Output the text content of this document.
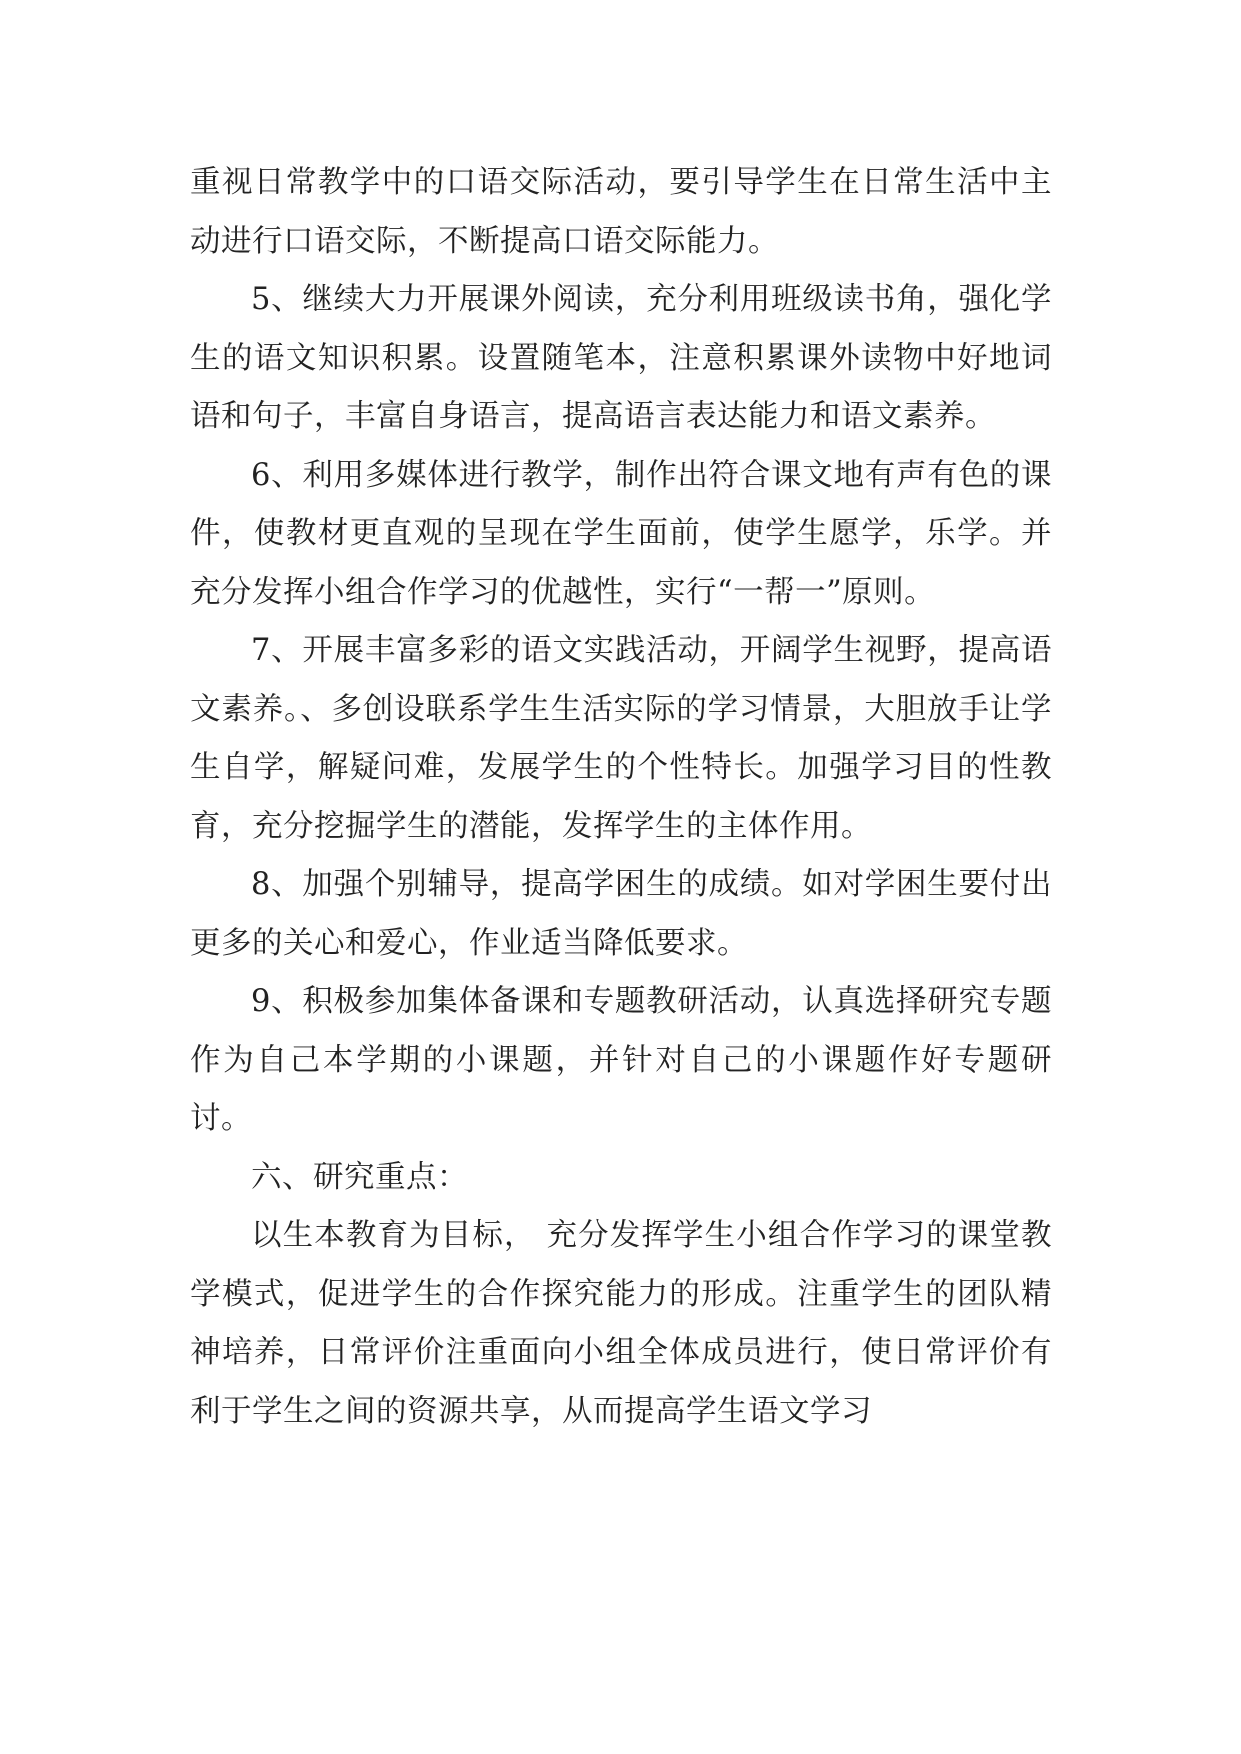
重视日常教学中的口语交际活动，要引导学生在日常生活中主动进行口语交际，不断提高口语交际能力。

5、继续大力开展课外阅读，充分利用班级读书角，强化学生的语文知识积累。设置随笔本，注意积累课外读物中好地词语和句子，丰富自身语言，提高语言表达能力和语文素养。

6、利用多媒体进行教学，制作出符合课文地有声有色的课件，使教材更直观的呈现在学生面前，使学生愿学，乐学。并充分发挥小组合作学习的优越性，实行“一帮一”原则。

7、开展丰富多彩的语文实践活动，开阔学生视野，提高语文素养。、多创设联系学生生活实际的学习情景，大胆放手让学生自学，解疑问难，发展学生的个性特长。加强学习目的性教育，充分挖掘学生的潜能，发挥学生的主体作用。

8、加强个别辅导，提高学困生的成绩。如对学困生要付出更多的关心和爱心，作业适当降低要求。

9、积极参加集体备课和专题教研活动，认真选择研究专题作为自己本学期的小课题，并针对自己的小课题作好专题研讨。

六、研究重点：

以生本教育为目标， 充分发挥学生小组合作学习的课堂教学模式，促进学生的合作探究能力的形成。注重学生的团队精神培养，日常评价注重面向小组全体成员进行，使日常评价有利于学生之间的资源共享，从而提高学生语文学习
